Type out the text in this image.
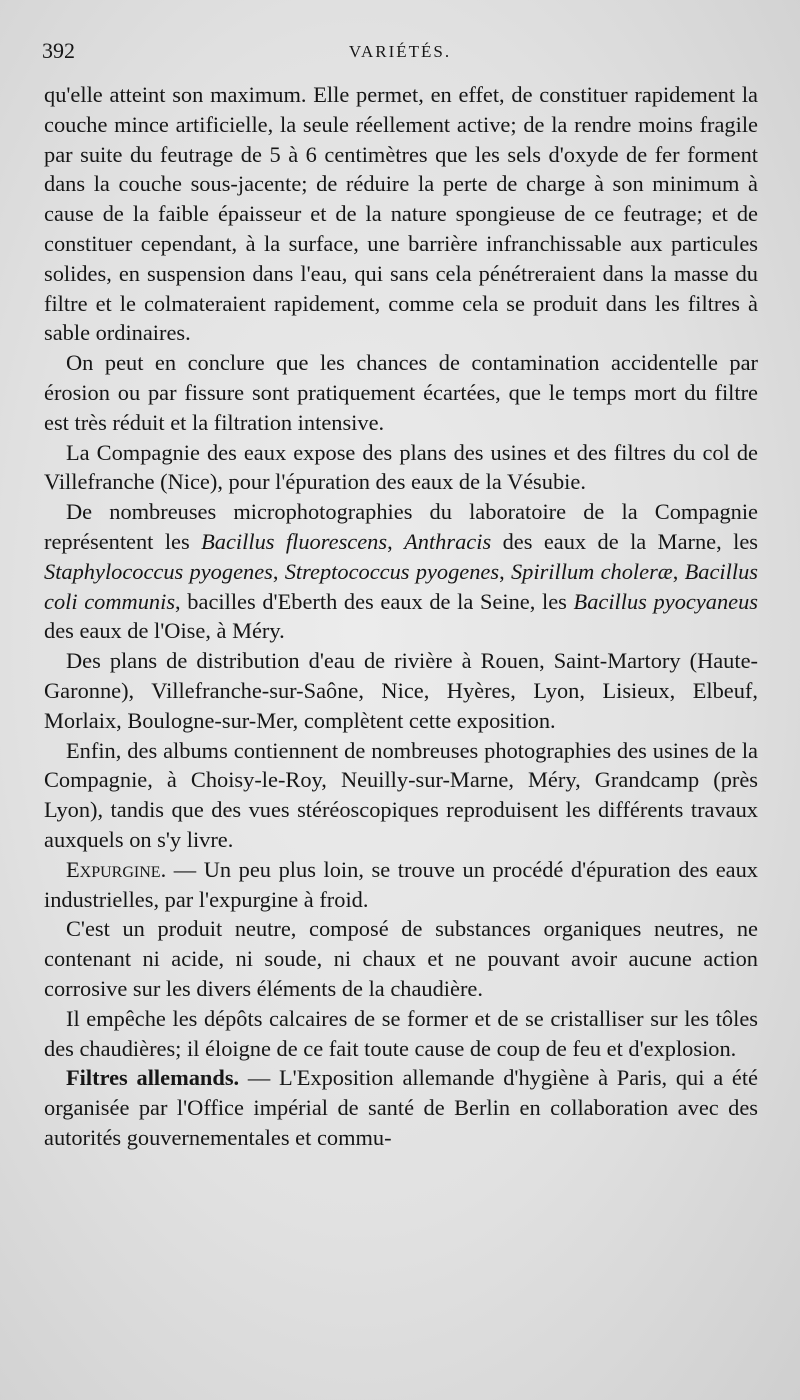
392	VARIÉTÉS.

qu'elle atteint son maximum. Elle permet, en effet, de constituer rapidement la couche mince artificielle, la seule réellement active; de la rendre moins fragile par suite du feutrage de 5 à 6 centimètres que les sels d'oxyde de fer forment dans la couche sous-jacente; de réduire la perte de charge à son minimum à cause de la faible épaisseur et de la nature spongieuse de ce feutrage; et de constituer cependant, à la surface, une barrière infranchissable aux particules solides, en suspension dans l'eau, qui sans cela pénétreraient dans la masse du filtre et le colmateraient rapidement, comme cela se produit dans les filtres à sable ordinaires.

On peut en conclure que les chances de contamination accidentelle par érosion ou par fissure sont pratiquement écartées, que le temps mort du filtre est très réduit et la filtration intensive.

La Compagnie des eaux expose des plans des usines et des filtres du col de Villefranche (Nice), pour l'épuration des eaux de la Vésubie.

De nombreuses microphotographies du laboratoire de la Compagnie représentent les Bacillus fluorescens, Anthracis des eaux de la Marne, les Staphylococcus pyogenes, Streptococcus pyogenes, Spirillum choleræ, Bacillus coli communis, bacilles d'Eberth des eaux de la Seine, les Bacillus pyocyaneus des eaux de l'Oise, à Méry.

Des plans de distribution d'eau de rivière à Rouen, Saint-Martory (Haute-Garonne), Villefranche-sur-Saône, Nice, Hyères, Lyon, Lisieux, Elbeuf, Morlaix, Boulogne-sur-Mer, complètent cette exposition.

Enfin, des albums contiennent de nombreuses photographies des usines de la Compagnie, à Choisy-le-Roy, Neuilly-sur-Marne, Méry, Grandcamp (près Lyon), tandis que des vues stéréoscopiques reproduisent les différents travaux auxquels on s'y livre.

Expurgine. — Un peu plus loin, se trouve un procédé d'épuration des eaux industrielles, par l'expurgine à froid.

C'est un produit neutre, composé de substances organiques neutres, ne contenant ni acide, ni soude, ni chaux et ne pouvant avoir aucune action corrosive sur les divers éléments de la chaudière.

Il empêche les dépôts calcaires de se former et de se cristalliser sur les tôles des chaudières; il éloigne de ce fait toute cause de coup de feu et d'explosion.

Filtres allemands. — L'Exposition allemande d'hygiène à Paris, qui a été organisée par l'Office impérial de santé de Berlin en collaboration avec des autorités gouvernementales et commu-
